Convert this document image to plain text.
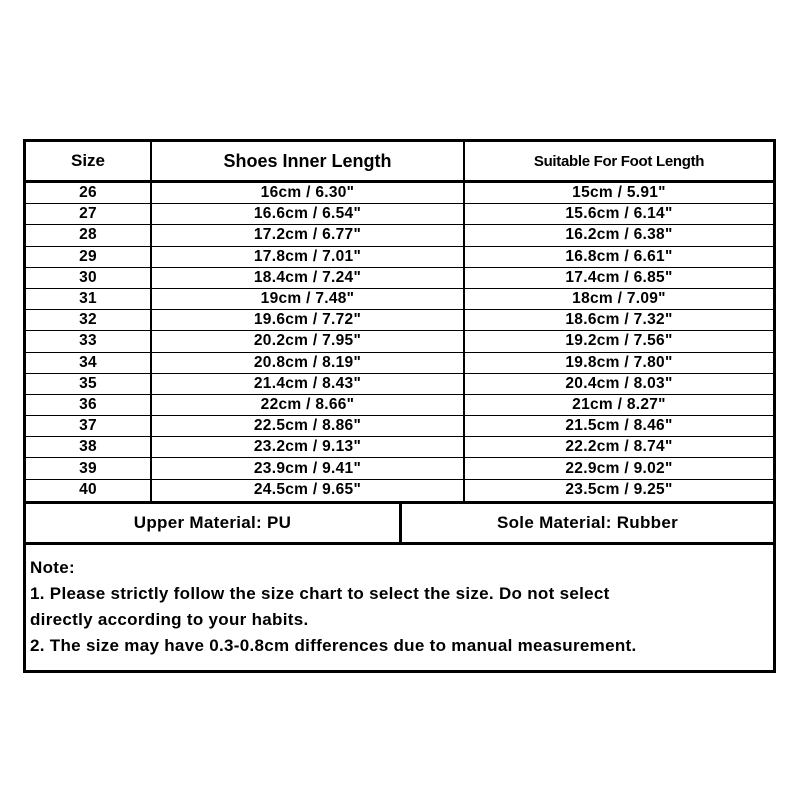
Size	Shoes Inner Length	Suitable For Foot Length
26	16cm / 6.30"	15cm / 5.91"
27	16.6cm / 6.54"	15.6cm / 6.14"
28	17.2cm / 6.77"	16.2cm / 6.38"
29	17.8cm / 7.01"	16.8cm / 6.61"
30	18.4cm / 7.24"	17.4cm / 6.85"
31	19cm / 7.48"	18cm / 7.09"
32	19.6cm / 7.72"	18.6cm / 7.32"
33	20.2cm / 7.95"	19.2cm / 7.56"
34	20.8cm / 8.19"	19.8cm / 7.80"
35	21.4cm / 8.43"	20.4cm / 8.03"
36	22cm / 8.66"	21cm / 8.27"
37	22.5cm / 8.86"	21.5cm / 8.46"
38	23.2cm / 9.13"	22.2cm / 8.74"
39	23.9cm / 9.41"	22.9cm / 9.02"
40	24.5cm / 9.65"	23.5cm / 9.25"
Upper Material: PU	Sole Material: Rubber
Note:
1. Please strictly follow the size chart to select the size. Do not select
directly according to your habits.
2. The size may have 0.3-0.8cm differences due to manual measurement.
